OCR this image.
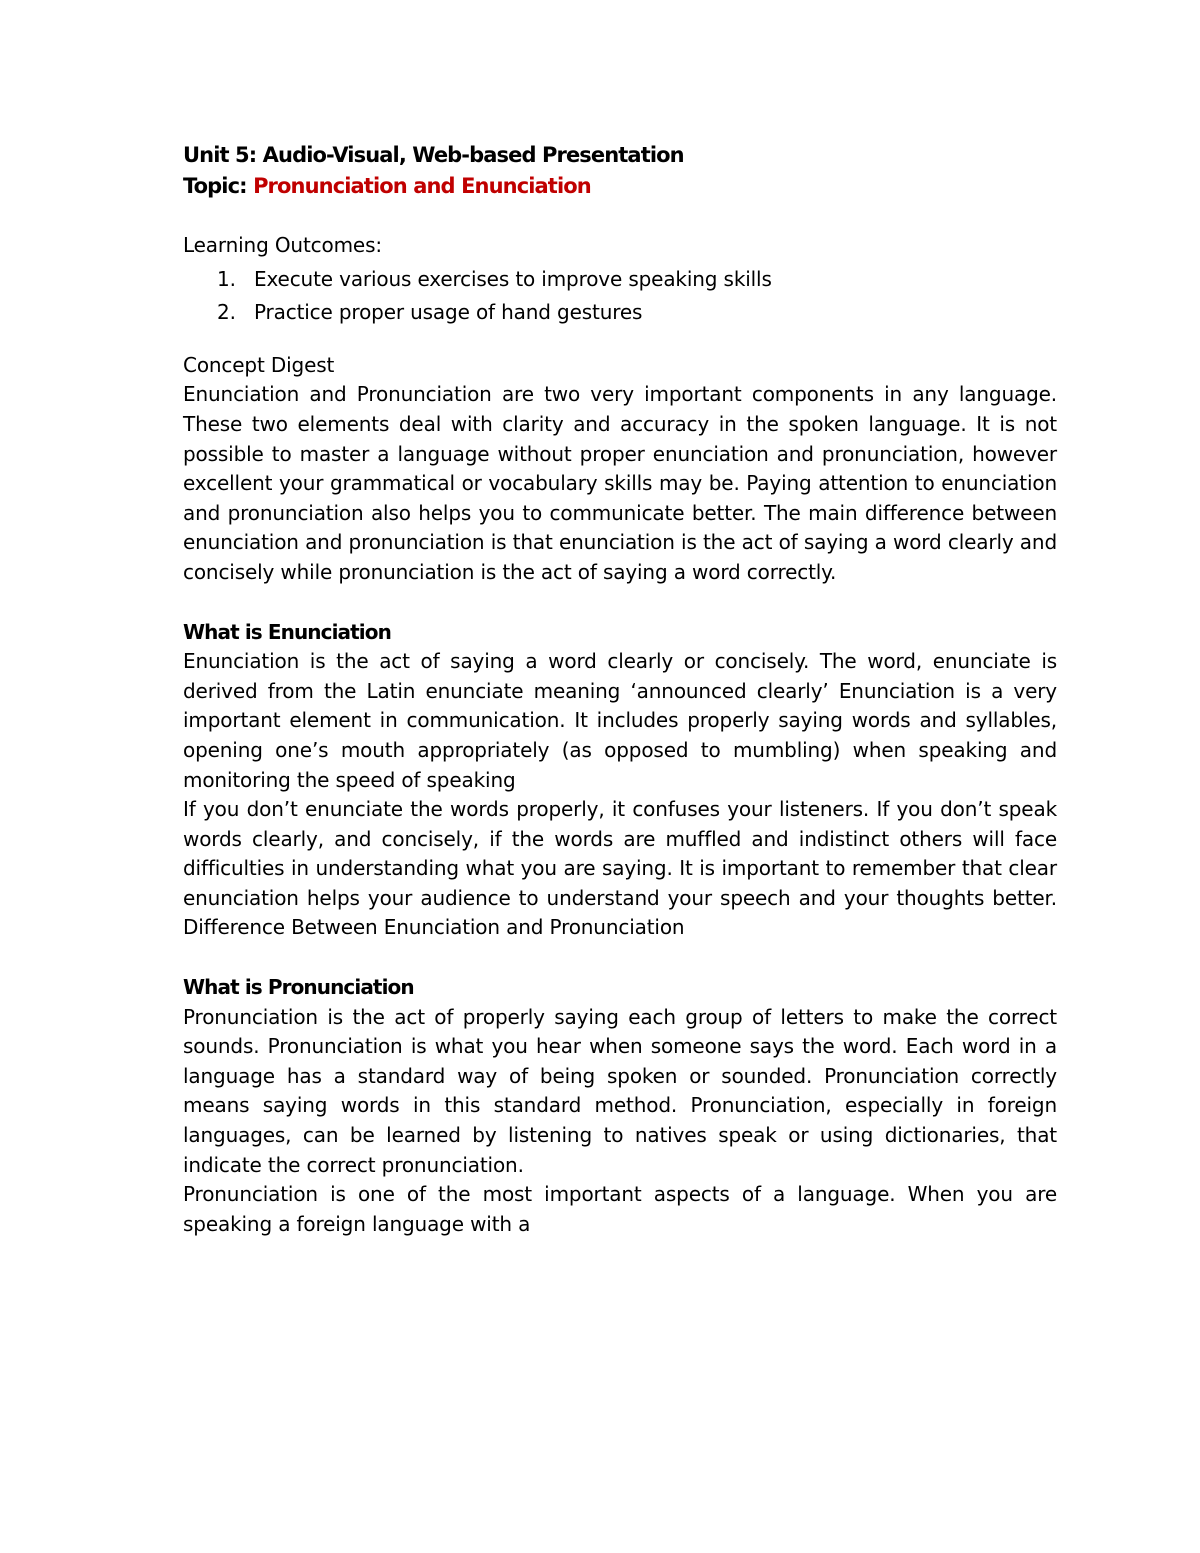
Unit 5: Audio-Visual, Web-based Presentation
Topic: Pronunciation and Enunciation
Learning Outcomes:
1. Execute various exercises to improve speaking skills
2. Practice proper usage of hand gestures
Concept Digest

Enunciation and Pronunciation are two very important components in any language. These two elements deal with clarity and accuracy in the spoken language. It is not possible to master a language without proper enunciation and pronunciation, however excellent your grammatical or vocabulary skills may be. Paying attention to enunciation and pronunciation also helps you to communicate better. The main difference between enunciation and pronunciation is that enunciation is the act of saying a word clearly and concisely while pronunciation is the act of saying a word correctly.

What is Enunciation

Enunciation is the act of saying a word clearly or concisely. The word, enunciate is derived from the Latin enunciate meaning ‘announced clearly’ Enunciation is a very important element in communication. It includes properly saying words and syllables, opening one’s mouth appropriately (as opposed to mumbling) when speaking and monitoring the speed of speaking

If you don’t enunciate the words properly, it confuses your listeners. If you don’t speak words clearly, and concisely, if the words are muffled and indistinct others will face difficulties in understanding what you are saying. It is important to remember that clear enunciation helps your audience to understand your speech and your thoughts better. Difference Between Enunciation and Pronunciation

What is Pronunciation

Pronunciation is the act of properly saying each group of letters to make the correct sounds. Pronunciation is what you hear when someone says the word. Each word in a language has a standard way of being spoken or sounded. Pronunciation correctly means saying words in this standard method. Pronunciation, especially in foreign languages, can be learned by listening to natives speak or using dictionaries, that indicate the correct pronunciation.

Pronunciation is one of the most important aspects of a language. When you are speaking a foreign language with a
